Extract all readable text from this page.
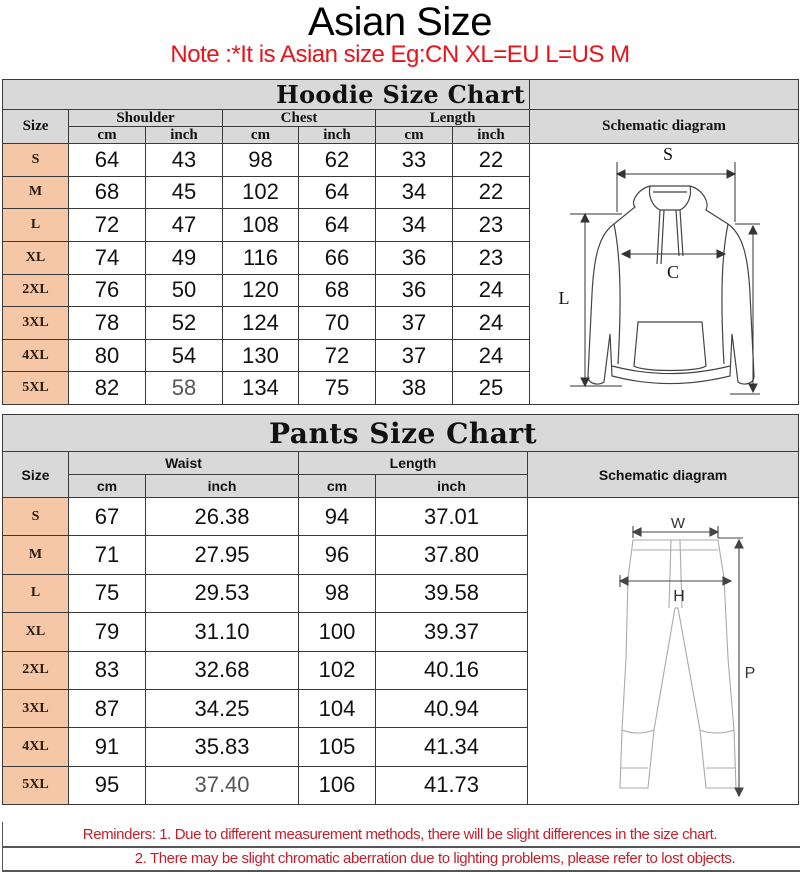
Asian Size
Note :*It is Asian size Eg:CN XL=EU L=US M
Hoodie Size Chart							
Size	Shoulder		Chest		Length		Schematic diagram
	cm	inch	cm	inch	cm	inch	
S	64	43	98	62	33	22	S
C
L

M	68	45	102	64	34	22	
L	72	47	108	64	34	23	
XL	74	49	116	66	36	23	
2XL	76	50	120	68	36	24	
3XL	78	52	124	70	37	24	
4XL	80	54	130	72	37	24	
5XL	82	58	134	75	38	25	
Pants Size Chart					
Size	Waist		Length		Schematic diagram
	cm	inch	cm	inch	
S	67	26.38	94	37.01	W
H
P

M	71	27.95	96	37.80	
L	75	29.53	98	39.58	
XL	79	31.10	100	39.37	
2XL	83	32.68	102	40.16	
3XL	87	34.25	104	40.94	
4XL	91	35.83	105	41.34	
5XL	95	37.40	106	41.73	
Reminders: 1. Due to different measurement methods, there will be slight differences in the size chart.
2. There may be slight chromatic aberration due to lighting problems, please refer to lost objects.
